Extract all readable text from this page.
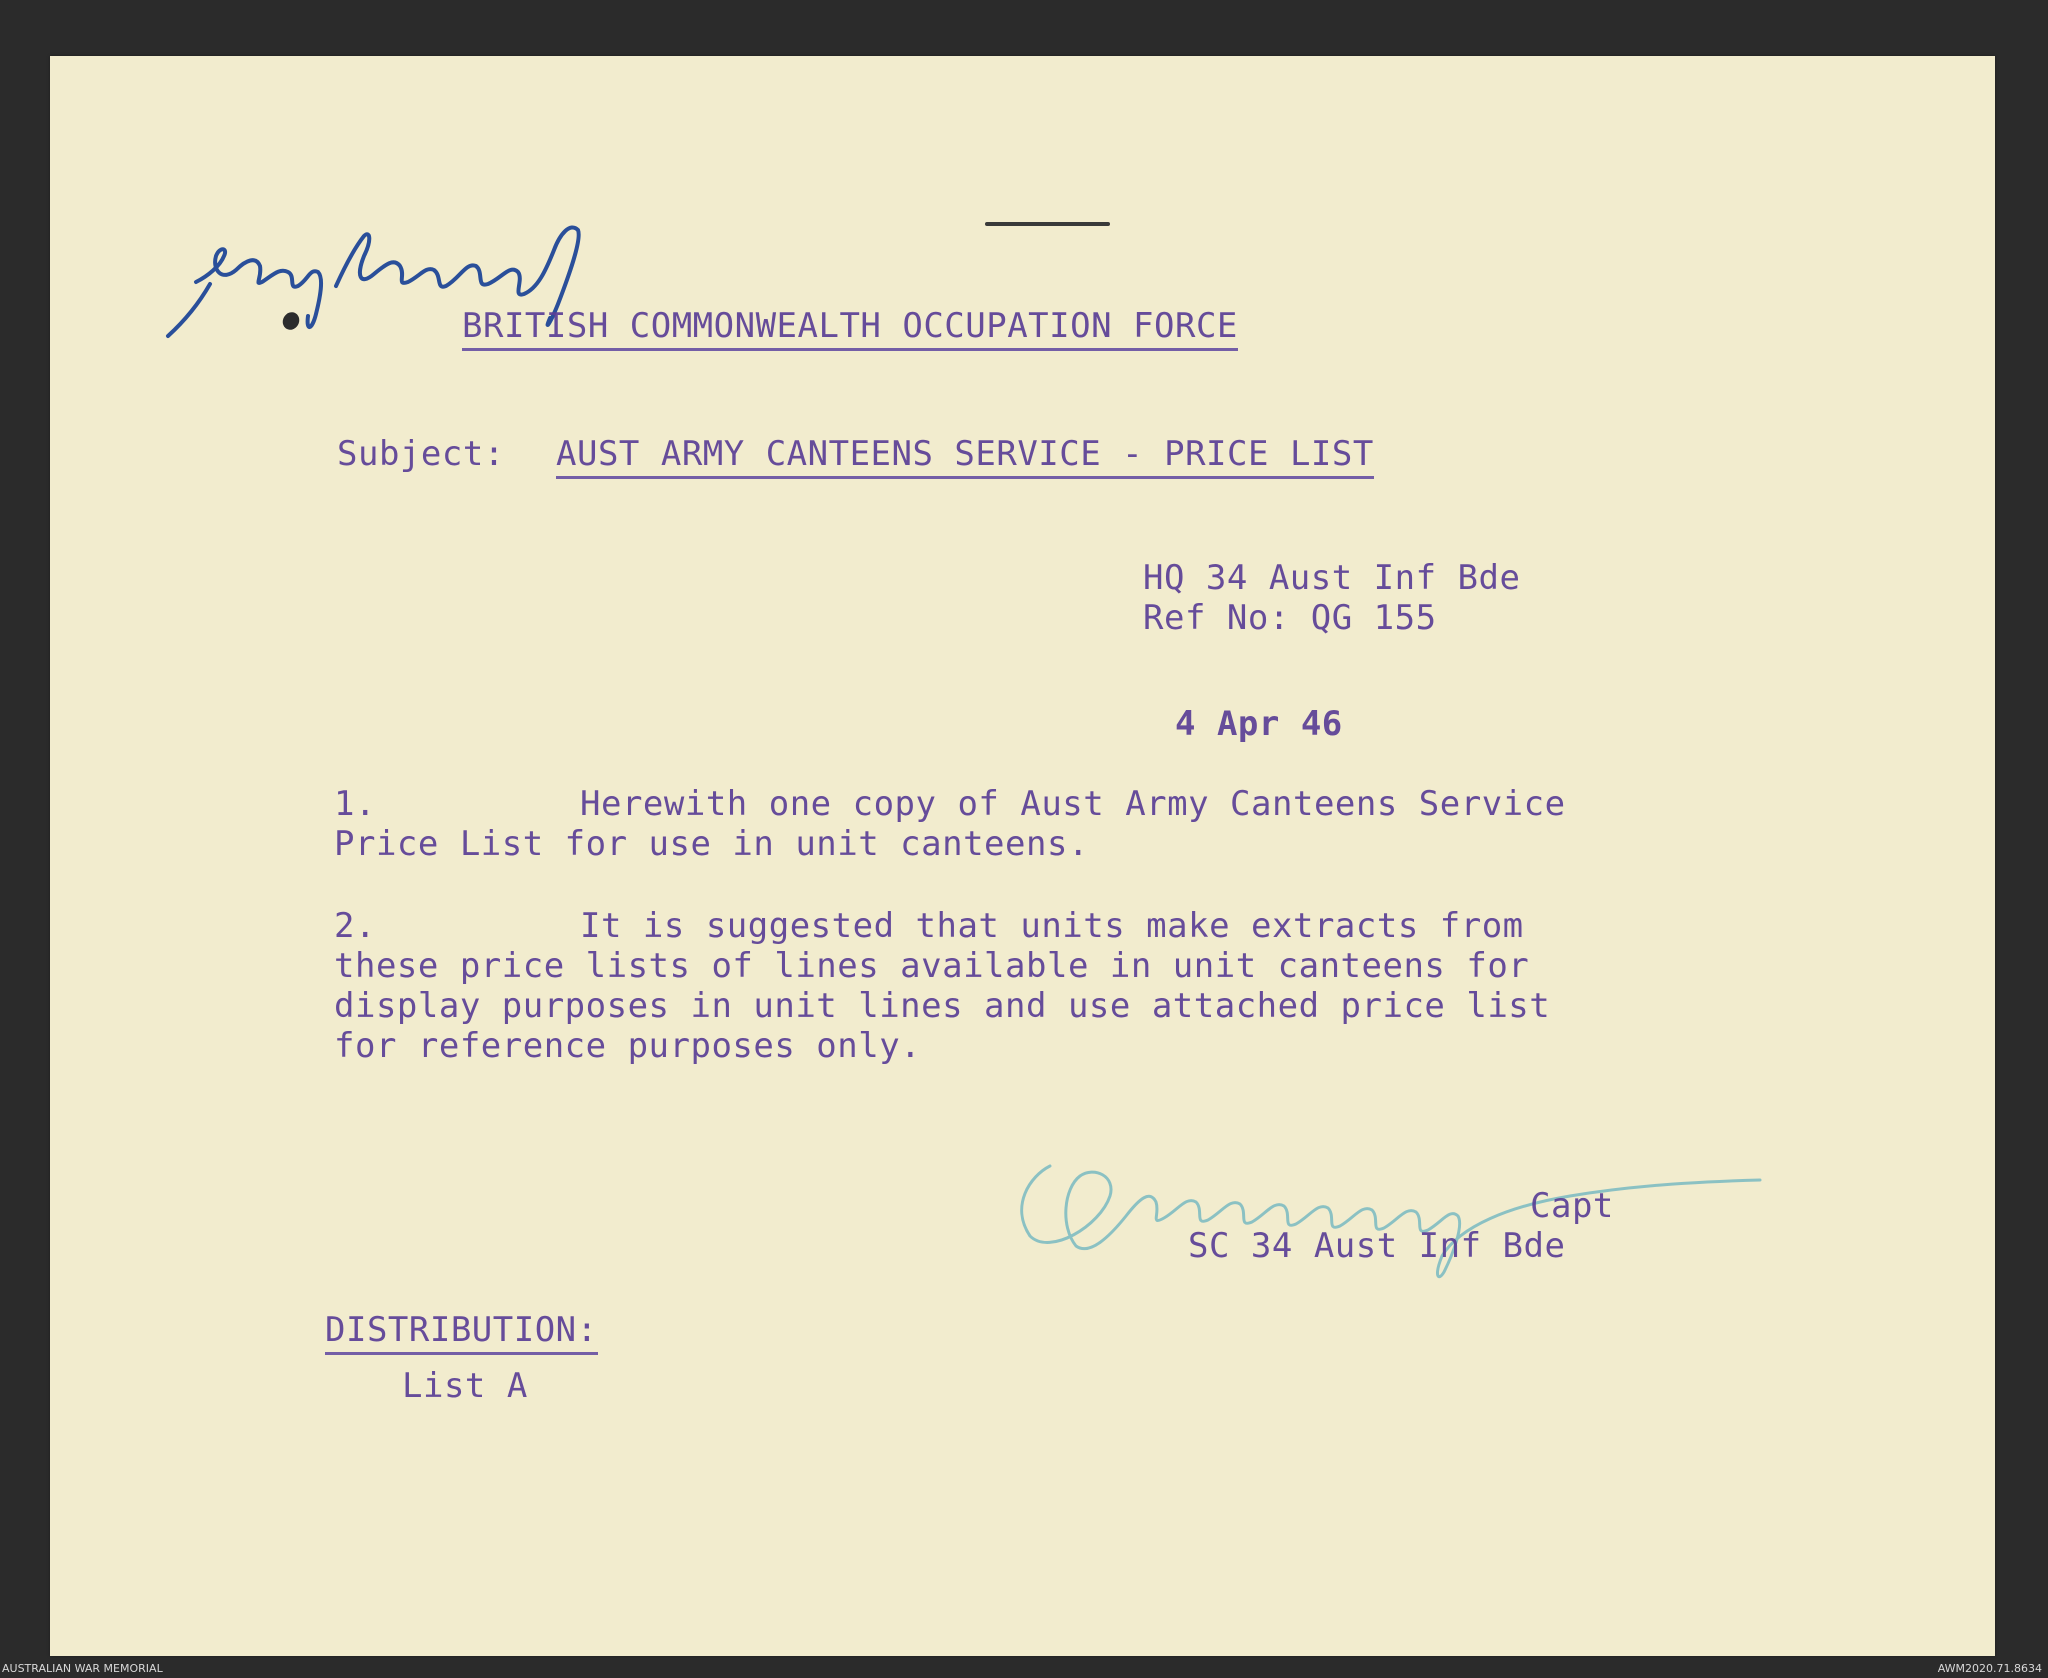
BRITISH COMMONWEALTH OCCUPATION FORCE
Subject: AUST ARMY CANTEENS SERVICE - PRICE LIST
HQ 34 Aust Inf Bde
Ref No: QG 155
4 Apr 46
1.	Herewith one copy of Aust Army Canteens Service
Price List for use in unit canteens.
2.	It is suggested that units make extracts from
these price lists of lines available in unit canteens for
display purposes in unit lines and use attached price list
for reference purposes only.
Capt
SC 34 Aust Inf Bde
DISTRIBUTION:
List A
AUSTRALIAN WAR MEMORIAL	AWM2020.71.8634
